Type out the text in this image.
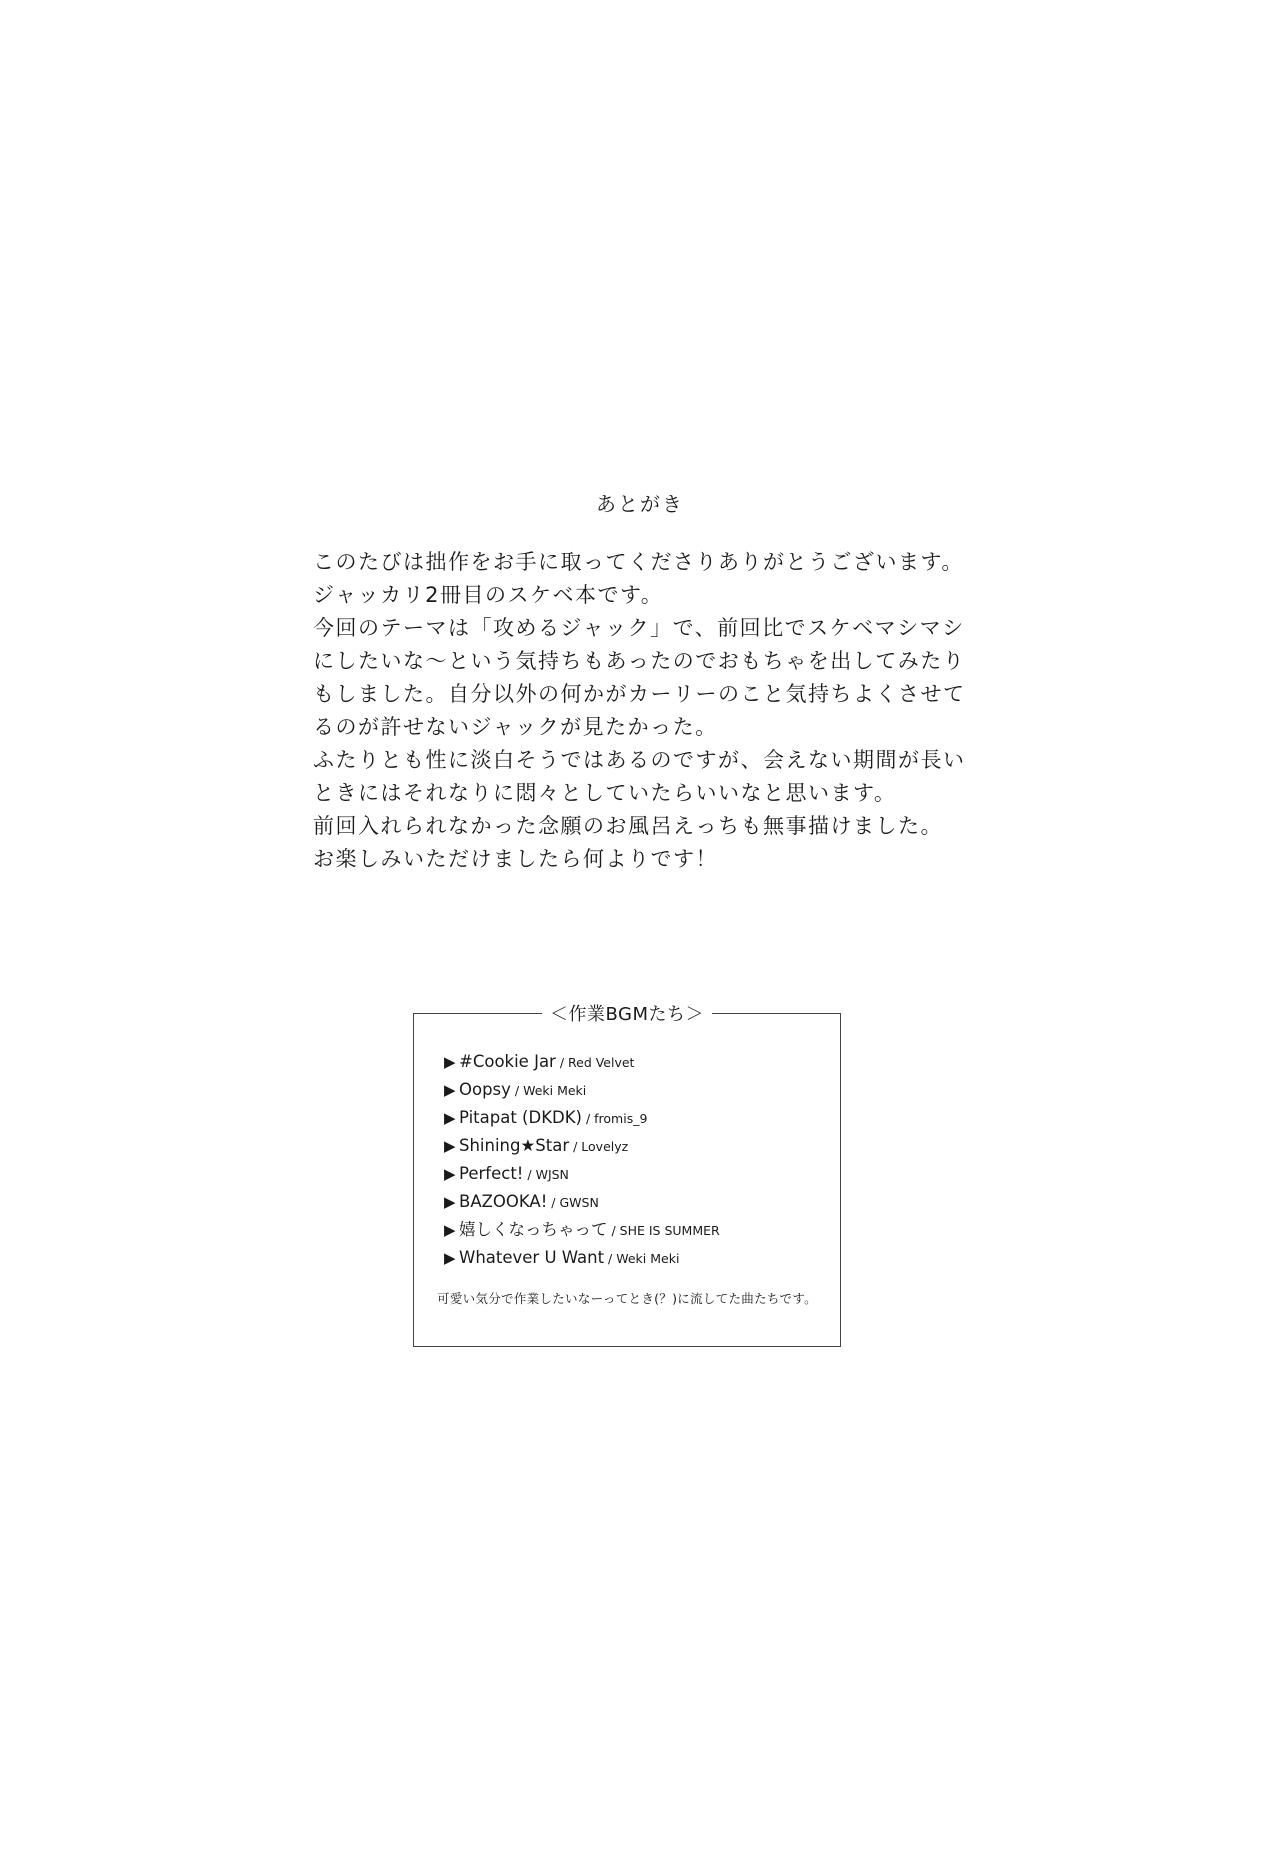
あとがき
このたびは拙作をお手に取ってくださりありがとうございます。
ジャッカリ2冊目のスケベ本です。
今回のテーマは「攻めるジャック」で、前回比でスケベマシマシ
にしたいな～という気持ちもあったのでおもちゃを出してみたり
もしました。自分以外の何かがカーリーのこと気持ちよくさせて
るのが許せないジャックが見たかった。
ふたりとも性に淡白そうではあるのですが、会えない期間が長い
ときにはそれなりに悶々としていたらいいなと思います。
前回入れられなかった念願のお風呂えっちも無事描けました。
お楽しみいただけましたら何よりです！
＜作業BGMたち＞
▶ #Cookie Jar / Red Velvet
▶ Oopsy / Weki Meki
▶ Pitapat (DKDK) / fromis_9
▶ Shining★Star / Lovelyz
▶ Perfect! / WJSN
▶ BAZOOKA! / GWSN
▶ 嬉しくなっちゃって / SHE IS SUMMER
▶ Whatever U Want / Weki Meki
可愛い気分で作業したいなーってとき(？)に流してた曲たちです。
